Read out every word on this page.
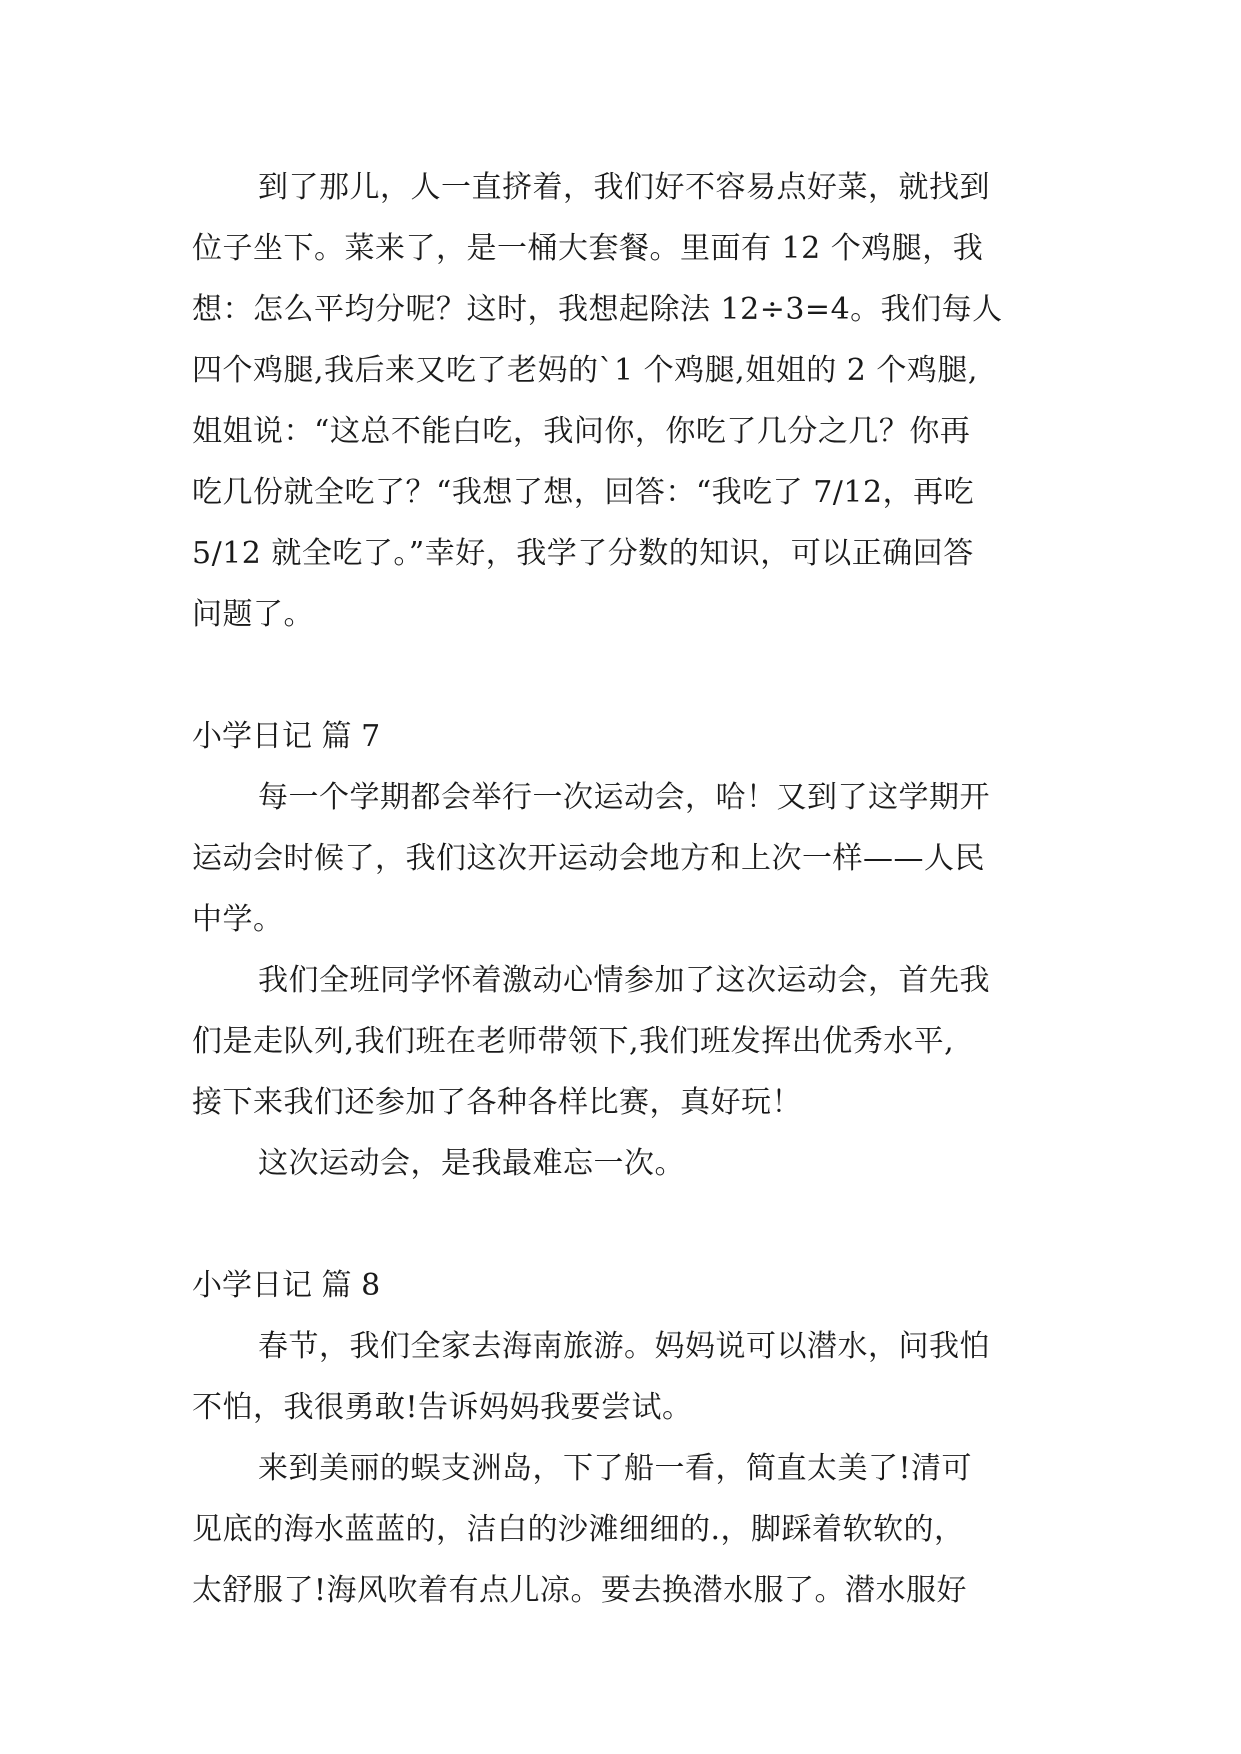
到了那儿，人一直挤着，我们好不容易点好菜，就找到
位子坐下。菜来了，是一桶大套餐。里面有 12 个鸡腿，我
想：怎么平均分呢？这时，我想起除法 12÷3=4。我们每人
四个鸡腿,我后来又吃了老妈的`1 个鸡腿,姐姐的 2 个鸡腿,
姐姐说：“这总不能白吃，我问你，你吃了几分之几？你再
吃几份就全吃了？“我想了想，回答：“我吃了 7/12，再吃
5/12 就全吃了。”幸好，我学了分数的知识，可以正确回答
问题了。
小学日记 篇 7
每一个学期都会举行一次运动会，哈！又到了这学期开
运动会时候了，我们这次开运动会地方和上次一样——人民
中学。
我们全班同学怀着激动心情参加了这次运动会，首先我
们是走队列,我们班在老师带领下,我们班发挥出优秀水平,
接下来我们还参加了各种各样比赛，真好玩！
这次运动会，是我最难忘一次。
小学日记 篇 8
春节，我们全家去海南旅游。妈妈说可以潜水，问我怕
不怕，我很勇敢!告诉妈妈我要尝试。
来到美丽的蜈支洲岛，下了船一看，简直太美了!清可
见底的海水蓝蓝的，洁白的沙滩细细的.，脚踩着软软的，
太舒服了!海风吹着有点儿凉。要去换潜水服了。潜水服好
